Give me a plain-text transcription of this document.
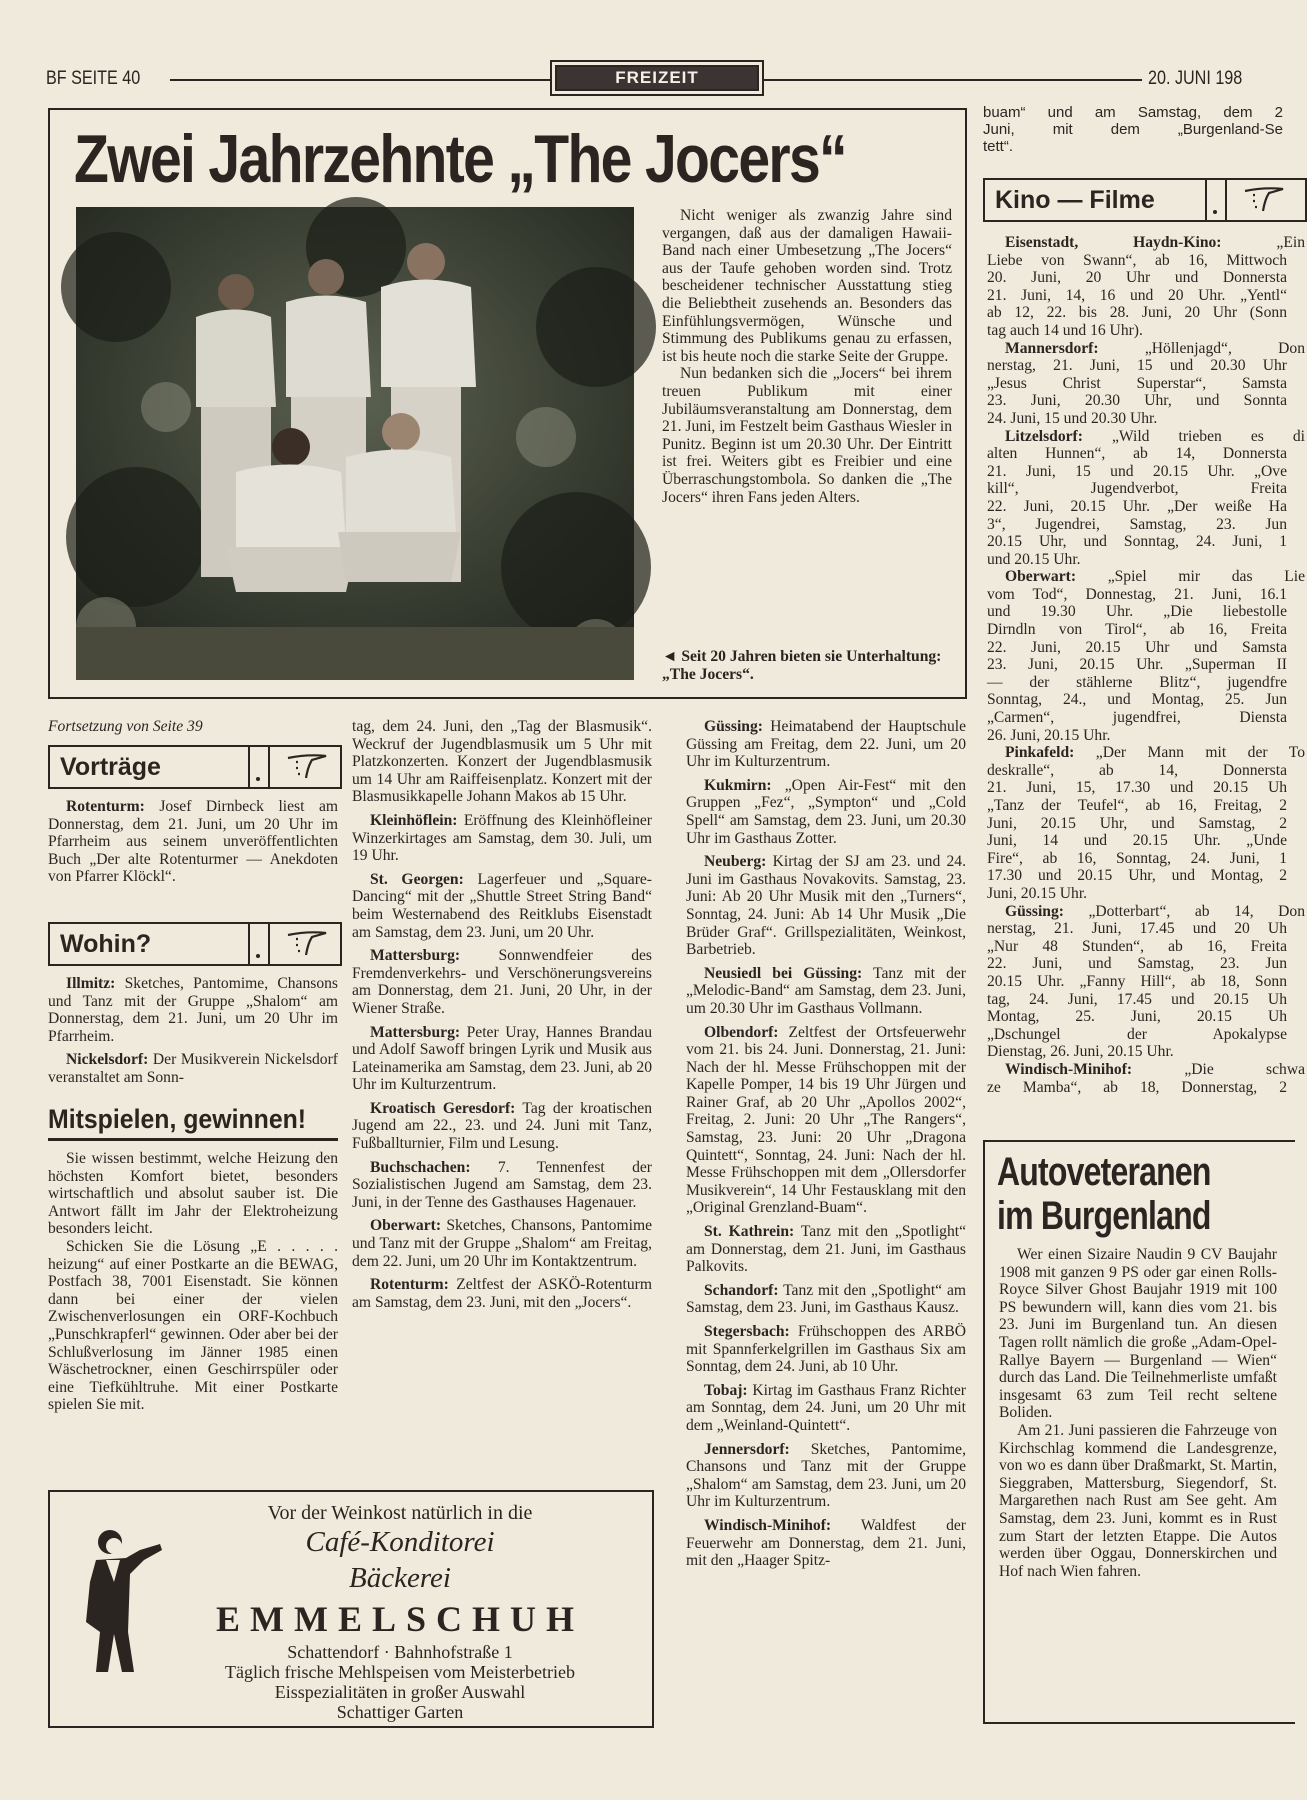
BF SEITE 40	FREIZEIT	20. JUNI 198
Zwei Jahrzehnte „The Jocers“

Nicht weniger als zwanzig Jahre sind vergangen, daß aus der damaligen Hawaii-Band nach einer Umbesetzung „The Jocers“ aus der Taufe gehoben worden sind. Trotz bescheidener technischer Ausstattung stieg die Beliebtheit zusehends an. Besonders das Einfühlungsvermögen, Wünsche und Stimmung des Publikums genau zu erfassen, ist bis heute noch die starke Seite der Gruppe.

Nun bedanken sich die „Jocers“ bei ihrem treuen Publikum mit einer Jubiläumsveranstaltung am Donnerstag, dem 21. Juni, im Festzelt beim Gasthaus Wiesler in Punitz. Beginn ist um 20.30 Uhr. Der Eintritt ist frei. Weiters gibt es Freibier und eine Überraschungstombola. So danken die „The Jocers“ ihren Fans jeden Alters.

◄ Seit 20 Jahren bieten sie Unterhaltung: „The Jocers“.
Fortsetzung von Seite 39
Vorträge

Rotenturm: Josef Dirnbeck liest am Donnerstag, dem 21. Juni, um 20 Uhr im Pfarrheim aus seinem unveröffentlichten Buch „Der alte Rotenturmer — Anekdoten von Pfarrer Klöckl“.

Wohin?

Illmitz: Sketches, Pantomime, Chansons und Tanz mit der Gruppe „Shalom“ am Donnerstag, dem 21. Juni, um 20 Uhr im Pfarrheim.

Nickelsdorf: Der Musikverein Nickelsdorf veranstaltet am Sonn-

Mitspielen, gewinnen!

Sie wissen bestimmt, welche Heizung den höchsten Komfort bietet, besonders wirtschaftlich und absolut sauber ist. Die Antwort fällt im Jahr der Elektroheizung besonders leicht.

Schicken Sie die Lösung „E . . . . . heizung“ auf einer Postkarte an die BEWAG, Postfach 38, 7001 Eisenstadt. Sie können dann bei einer der vielen Zwischenverlosungen ein ORF-Kochbuch „Punschkrapferl“ gewinnen. Oder aber bei der Schlußverlosung im Jänner 1985 einen Wäschetrockner, einen Geschirrspüler oder eine Tiefkühltruhe. Mit einer Postkarte spielen Sie mit.

tag, dem 24. Juni, den „Tag der Blasmusik“. Weckruf der Jugendblasmusik um 5 Uhr mit Platzkonzerten. Konzert der Jugendblasmusik um 14 Uhr am Raiffeisenplatz. Konzert mit der Blasmusikkapelle Johann Makos ab 15 Uhr.

Kleinhöflein: Eröffnung des Kleinhöfleiner Winzerkirtages am Samstag, dem 30. Juli, um 19 Uhr.

St. Georgen: Lagerfeuer und „Square-Dancing“ mit der „Shuttle Street String Band“ beim Westernabend des Reitklubs Eisenstadt am Samstag, dem 23. Juni, um 20 Uhr.

Mattersburg: Sonnwendfeier des Fremdenverkehrs- und Verschönerungsvereins am Donnerstag, dem 21. Juni, 20 Uhr, in der Wiener Straße.

Mattersburg: Peter Uray, Hannes Brandau und Adolf Sawoff bringen Lyrik und Musik aus Lateinamerika am Samstag, dem 23. Juni, ab 20 Uhr im Kulturzentrum.

Kroatisch Geresdorf: Tag der kroatischen Jugend am 22., 23. und 24. Juni mit Tanz, Fußballturnier, Film und Lesung.

Buchschachen: 7. Tennenfest der Sozialistischen Jugend am Samstag, dem 23. Juni, in der Tenne des Gasthauses Hagenauer.

Oberwart: Sketches, Chansons, Pantomime und Tanz mit der Gruppe „Shalom“ am Freitag, dem 22. Juni, um 20 Uhr im Kontaktzentrum.

Rotenturm: Zeltfest der ASKÖ-Rotenturm am Samstag, dem 23. Juni, mit den „Jocers“.

Güssing: Heimatabend der Hauptschule Güssing am Freitag, dem 22. Juni, um 20 Uhr im Kulturzentrum.

Kukmirn: „Open Air-Fest“ mit den Gruppen „Fez“, „Sympton“ und „Cold Spell“ am Samstag, dem 23. Juni, um 20.30 Uhr im Gasthaus Zotter.

Neuberg: Kirtag der SJ am 23. und 24. Juni im Gasthaus Novakovits. Samstag, 23. Juni: Ab 20 Uhr Musik mit den „Turners“, Sonntag, 24. Juni: Ab 14 Uhr Musik „Die Brüder Graf“. Grillspezialitäten, Weinkost, Barbetrieb.

Neusiedl bei Güssing: Tanz mit der „Melodic-Band“ am Samstag, dem 23. Juni, um 20.30 Uhr im Gasthaus Vollmann.

Olbendorf: Zeltfest der Ortsfeuerwehr vom 21. bis 24. Juni. Donnerstag, 21. Juni: Nach der hl. Messe Frühschoppen mit der Kapelle Pomper, 14 bis 19 Uhr Jürgen und Rainer Graf, ab 20 Uhr „Apollos 2002“, Freitag, 2. Juni: 20 Uhr „The Rangers“, Samstag, 23. Juni: 20 Uhr „Dragona Quintett“, Sonntag, 24. Juni: Nach der hl. Messe Frühschoppen mit dem „Ollersdorfer Musikverein“, 14 Uhr Festausklang mit den „Original Grenzland-Buam“.

St. Kathrein: Tanz mit den „Spotlight“ am Donnerstag, dem 21. Juni, im Gasthaus Palkovits.

Schandorf: Tanz mit den „Spotlight“ am Samstag, dem 23. Juni, im Gasthaus Kausz.

Stegersbach: Frühschoppen des ARBÖ mit Spannferkelgrillen im Gasthaus Six am Sonntag, dem 24. Juni, ab 10 Uhr.

Tobaj: Kirtag im Gasthaus Franz Richter am Sonntag, dem 24. Juni, um 20 Uhr mit dem „Weinland-Quintett“.

Jennersdorf: Sketches, Pantomime, Chansons und Tanz mit der Gruppe „Shalom“ am Samstag, dem 23. Juni, um 20 Uhr im Kulturzentrum.

Windisch-Minihof: Waldfest der Feuerwehr am Donnerstag, dem 21. Juni, mit den „Haager Spitz-

buam“ und am Samstag, dem 2
Juni, mit dem „Burgenland-Se
tett“.
Kino — Filme
Eisenstadt, Haydn-Kino: „Ein
Liebe von Swann“, ab 16, Mittwoch
20. Juni, 20 Uhr und Donnersta
21. Juni, 14, 16 und 20 Uhr. „Yentl“
ab 12, 22. bis 28. Juni, 20 Uhr (Sonn
tag auch 14 und 16 Uhr).
Mannersdorf: „Höllenjagd“, Don
nerstag, 21. Juni, 15 und 20.30 Uhr
„Jesus Christ Superstar“, Samsta
23. Juni, 20.30 Uhr, und Sonnta
24. Juni, 15 und 20.30 Uhr.
Litzelsdorf: „Wild trieben es di
alten Hunnen“, ab 14, Donnersta
21. Juni, 15 und 20.15 Uhr. „Ove
kill“, Jugendverbot, Freita
22. Juni, 20.15 Uhr. „Der weiße Ha
3“, Jugendrei, Samstag, 23. Jun
20.15 Uhr, und Sonntag, 24. Juni, 1
und 20.15 Uhr.
Oberwart: „Spiel mir das Lie
vom Tod“, Donnestag, 21. Juni, 16.1
und 19.30 Uhr. „Die liebestolle
Dirndln von Tirol“, ab 16, Freita
22. Juni, 20.15 Uhr und Samsta
23. Juni, 20.15 Uhr. „Superman II
— der stählerne Blitz“, jugendfre
Sonntag, 24., und Montag, 25. Jun
„Carmen“, jugendfrei, Diensta
26. Juni, 20.15 Uhr.
Pinkafeld: „Der Mann mit der To
deskralle“, ab 14, Donnersta
21. Juni, 15, 17.30 und 20.15 Uh
„Tanz der Teufel“, ab 16, Freitag, 2
Juni, 20.15 Uhr, und Samstag, 2
Juni, 14 und 20.15 Uhr. „Unde
Fire“, ab 16, Sonntag, 24. Juni, 1
17.30 und 20.15 Uhr, und Montag, 2
Juni, 20.15 Uhr.
Güssing: „Dotterbart“, ab 14, Don
nerstag, 21. Juni, 17.45 und 20 Uh
„Nur 48 Stunden“, ab 16, Freita
22. Juni, und Samstag, 23. Jun
20.15 Uhr. „Fanny Hill“, ab 18, Sonn
tag, 24. Juni, 17.45 und 20.15 Uh
Montag, 25. Juni, 20.15 Uh
„Dschungel der Apokalypse
Dienstag, 26. Juni, 20.15 Uhr.
Windisch-Minihof: „Die schwa
ze Mamba“, ab 18, Donnerstag, 2
Autoveteranen
im Burgenland

Wer einen Sizaire Naudin 9 CV Baujahr 1908 mit ganzen 9 PS oder gar einen Rolls-Royce Silver Ghost Baujahr 1919 mit 100 PS bewundern will, kann dies vom 21. bis 23. Juni im Burgenland tun. An diesen Tagen rollt nämlich die große „Adam-Opel-Rallye Bayern — Burgenland — Wien“ durch das Land. Die Teilnehmerliste umfaßt insgesamt 63 zum Teil recht seltene Boliden.

Am 21. Juni passieren die Fahrzeuge von Kirchschlag kommend die Landesgrenze, von wo es dann über Draßmarkt, St. Martin, Sieggraben, Mattersburg, Siegendorf, St. Margarethen nach Rust am See geht. Am Samstag, dem 23. Juni, kommt es in Rust zum Start der letzten Etappe. Die Autos werden über Oggau, Donnerskirchen und Hof nach Wien fahren.

Vor der Weinkost natürlich in die
Café-Konditorei
Bäckerei
EMMELSCHUH
Schattendorf · Bahnhofstraße 1
Täglich frische Mehlspeisen vom Meisterbetrieb
Eisspezialitäten in großer Auswahl
Schattiger Garten
